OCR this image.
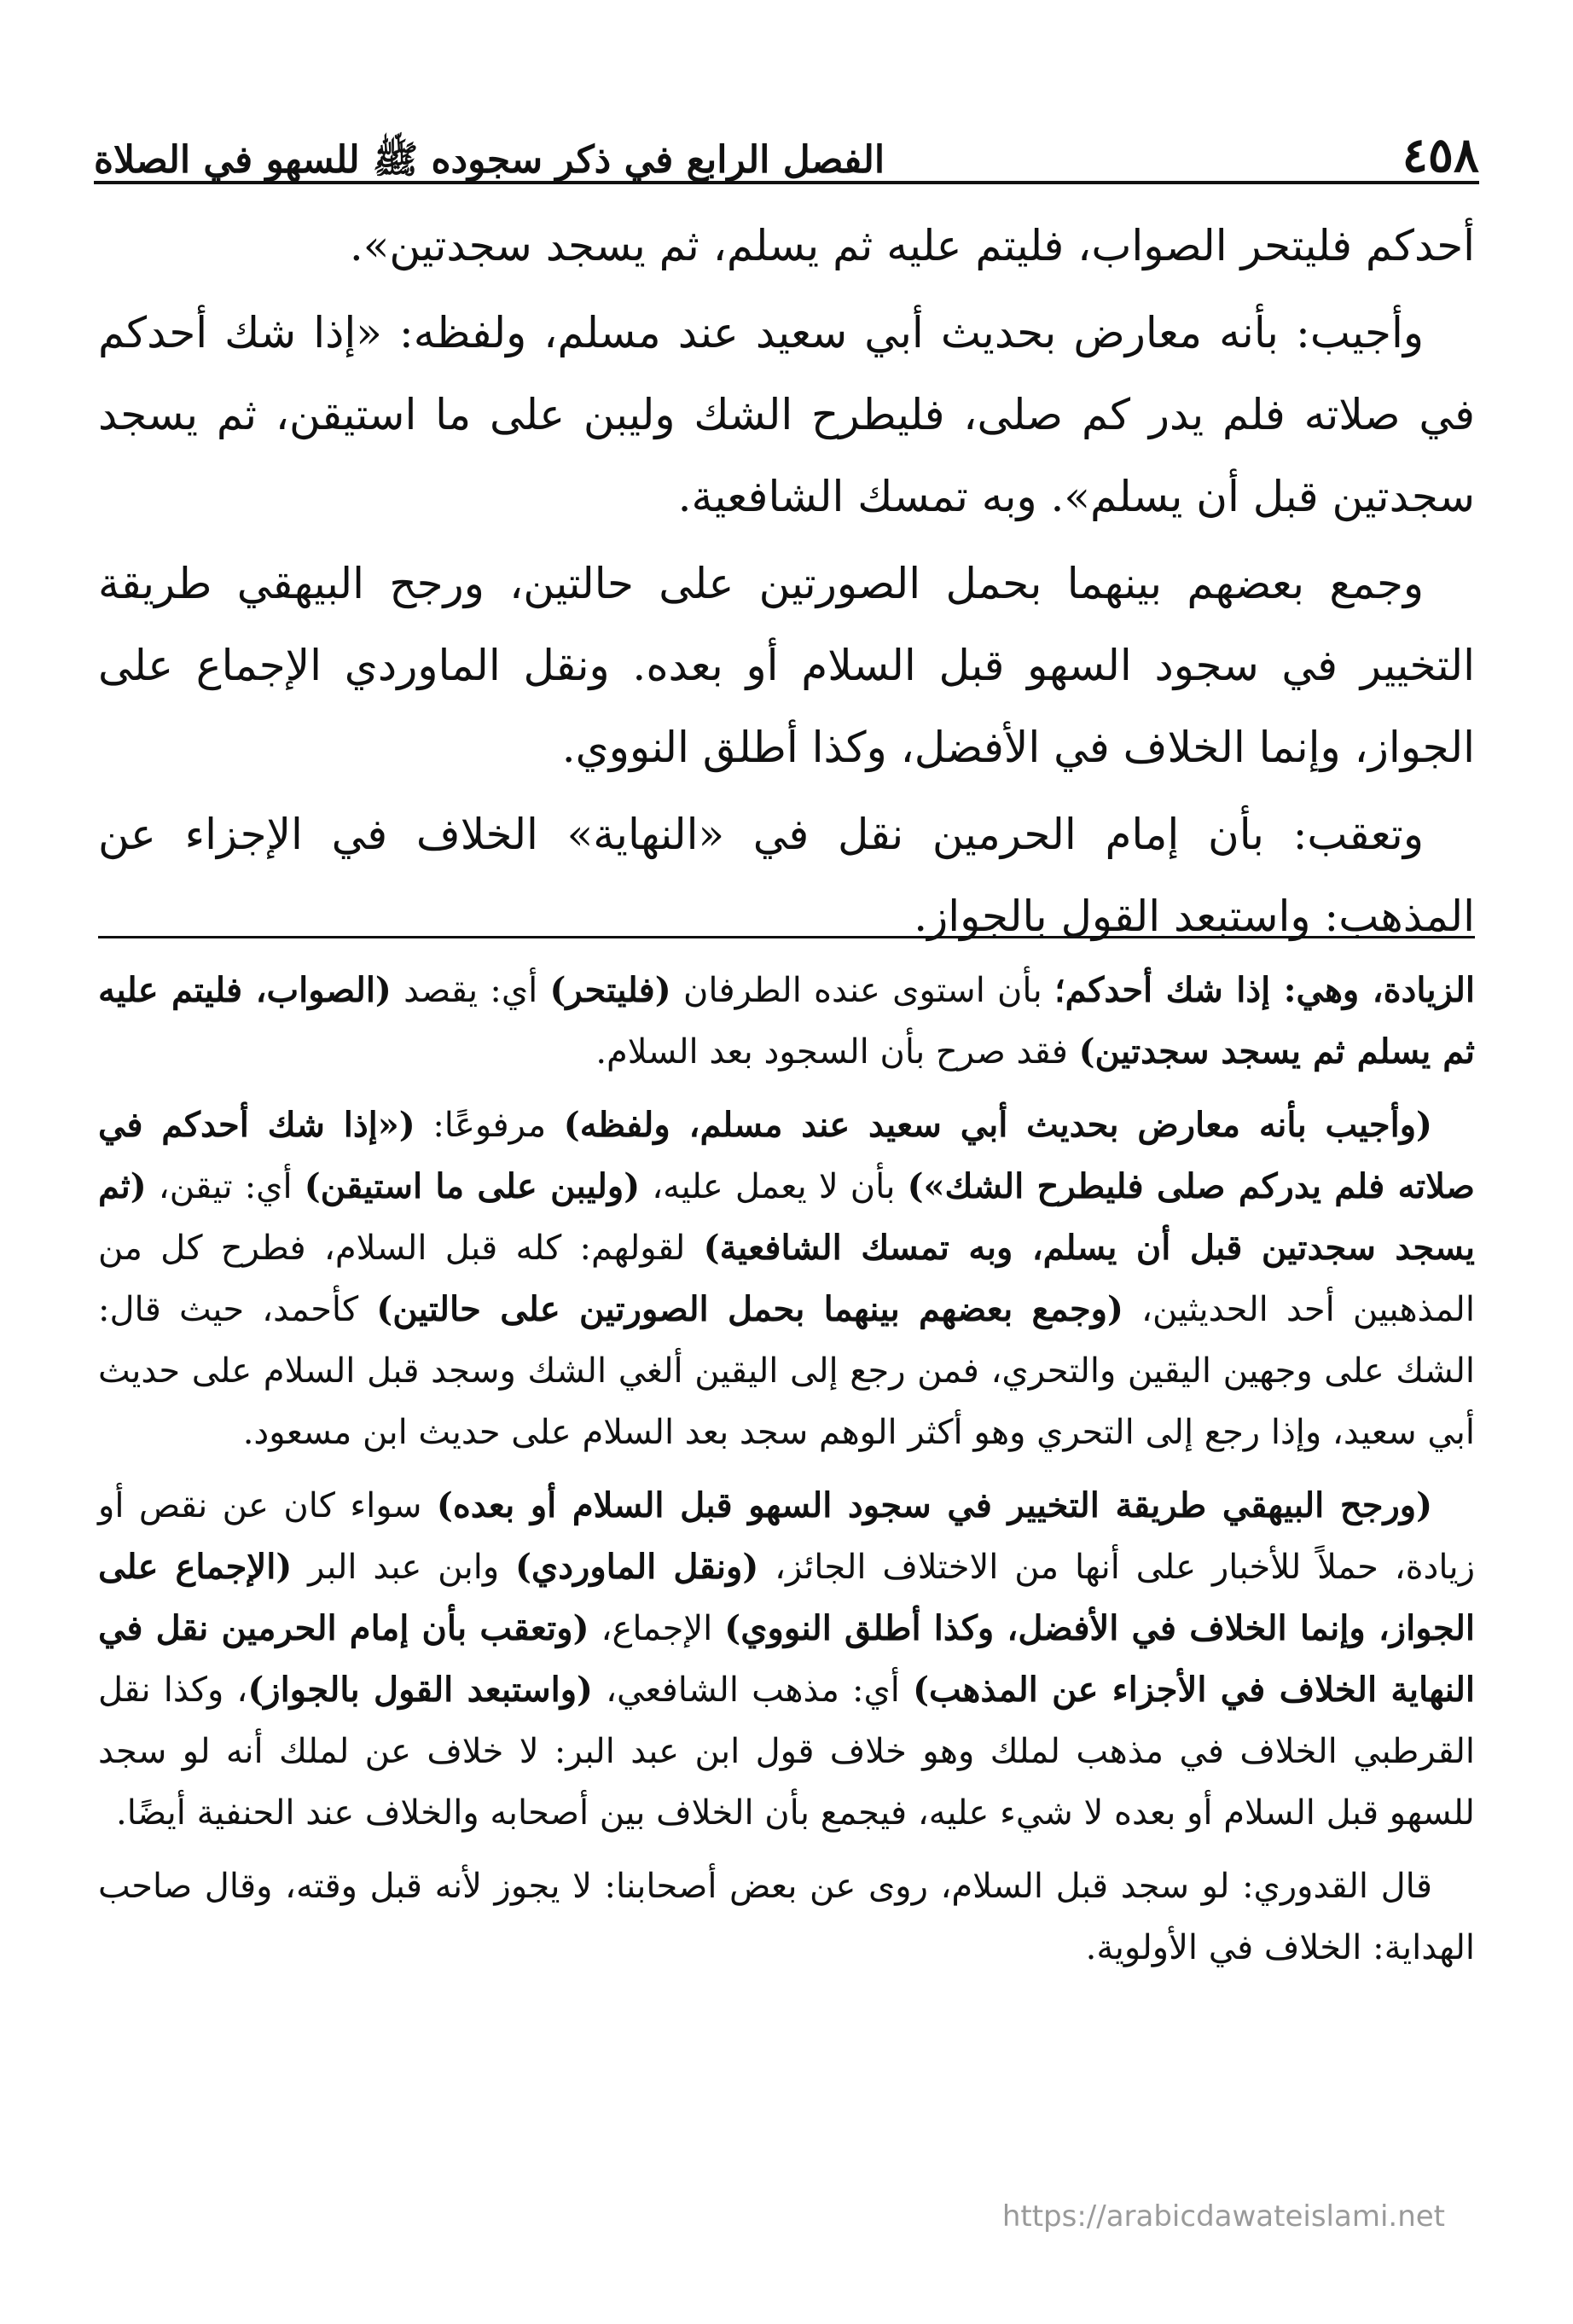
٤٥٨
الفصل الرابع في ذكر سجوده ﷺ للسهو في الصلاة

أحدكم فليتحر الصواب، فليتم عليه ثم يسلم، ثم يسجد سجدتين».

وأجيب: بأنه معارض بحديث أبي سعيد عند مسلم، ولفظه: «إذا شك أحدكم في صلاته فلم يدر كم صلى، فليطرح الشك وليبن على ما استيقن، ثم يسجد سجدتين قبل أن يسلم». وبه تمسك الشافعية.

وجمع بعضهم بينهما بحمل الصورتين على حالتين، ورجح البيهقي طريقة التخيير في سجود السهو قبل السلام أو بعده. ونقل الماوردي الإجماع على الجواز، وإنما الخلاف في الأفضل، وكذا أطلق النووي.

وتعقب: بأن إمام الحرمين نقل في «النهاية» الخلاف في الإجزاء عن المذهب: واستبعد القول بالجواز.

الزيادة، وهي: إذا شك أحدكم؛ بأن استوى عنده الطرفان (فليتحر) أي: يقصد (الصواب، فليتم عليه ثم يسلم ثم يسجد سجدتين) فقد صرح بأن السجود بعد السلام.

(وأجيب بأنه معارض بحديث أبي سعيد عند مسلم، ولفظه) مرفوعًا: («إذا شك أحدكم في صلاته فلم يدركم صلى فليطرح الشك») بأن لا يعمل عليه، (وليبن على ما استيقن) أي: تيقن، (ثم يسجد سجدتين قبل أن يسلم، وبه تمسك الشافعية) لقولهم: كله قبل السلام، فطرح كل من المذهبين أحد الحديثين، (وجمع بعضهم بينهما بحمل الصورتين على حالتين) كأحمد، حيث قال: الشك على وجهين اليقين والتحري، فمن رجع إلى اليقين ألغي الشك وسجد قبل السلام على حديث أبي سعيد، وإذا رجع إلى التحري وهو أكثر الوهم سجد بعد السلام على حديث ابن مسعود.

(ورجح البيهقي طريقة التخيير في سجود السهو قبل السلام أو بعده) سواء كان عن نقص أو زيادة، حملاً للأخبار على أنها من الاختلاف الجائز، (ونقل الماوردي) وابن عبد البر (الإجماع على الجواز، وإنما الخلاف في الأفضل، وكذا أطلق النووي) الإجماع، (وتعقب بأن إمام الحرمين نقل في النهاية الخلاف في الأجزاء عن المذهب) أي: مذهب الشافعي، (واستبعد القول بالجواز)، وكذا نقل القرطبي الخلاف في مذهب لملك وهو خلاف قول ابن عبد البر: لا خلاف عن لملك أنه لو سجد للسهو قبل السلام أو بعده لا شيء عليه، فيجمع بأن الخلاف بين أصحابه والخلاف عند الحنفية أيضًا.

قال القدوري: لو سجد قبل السلام، روى عن بعض أصحابنا: لا يجوز لأنه قبل وقته، وقال صاحب الهداية: الخلاف في الأولوية.

https://arabicdawateislami.net
